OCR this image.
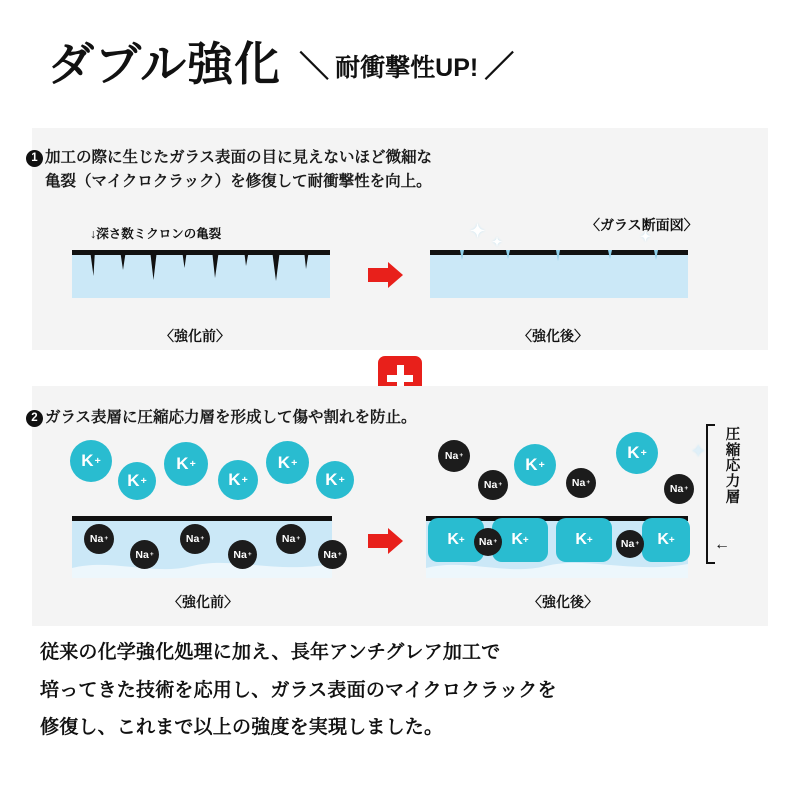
ダブル強化 ＼ 耐衝撃性UP! ／
1 加工の際に生じたガラス表面の目に見えないほど微細な
亀裂（マイクロクラック）を修復して耐衝撃性を向上。
↓深さ数ミクロンの亀裂
〈ガラス断面図〉
✦
✦	✦
〈強化前〉	〈強化後〉
2 ガラス表層に圧縮応力層を形成して傷や割れを防止。
K +
K +
K +
K +
K +
K +
Na +
Na +
Na +
Na +
Na +
Na +
Na +
Na +
K +
Na +
K +
Na +
✦
K +	K +	K +	K +
Na +	Na +
〈強化前〉	〈強化後〉
圧縮応力層
←

従来の化学強化処理に加え、長年アンチグレア加工で

培ってきた技術を応用し、ガラス表面のマイクロクラックを

修復し、これまで以上の強度を実現しました。
